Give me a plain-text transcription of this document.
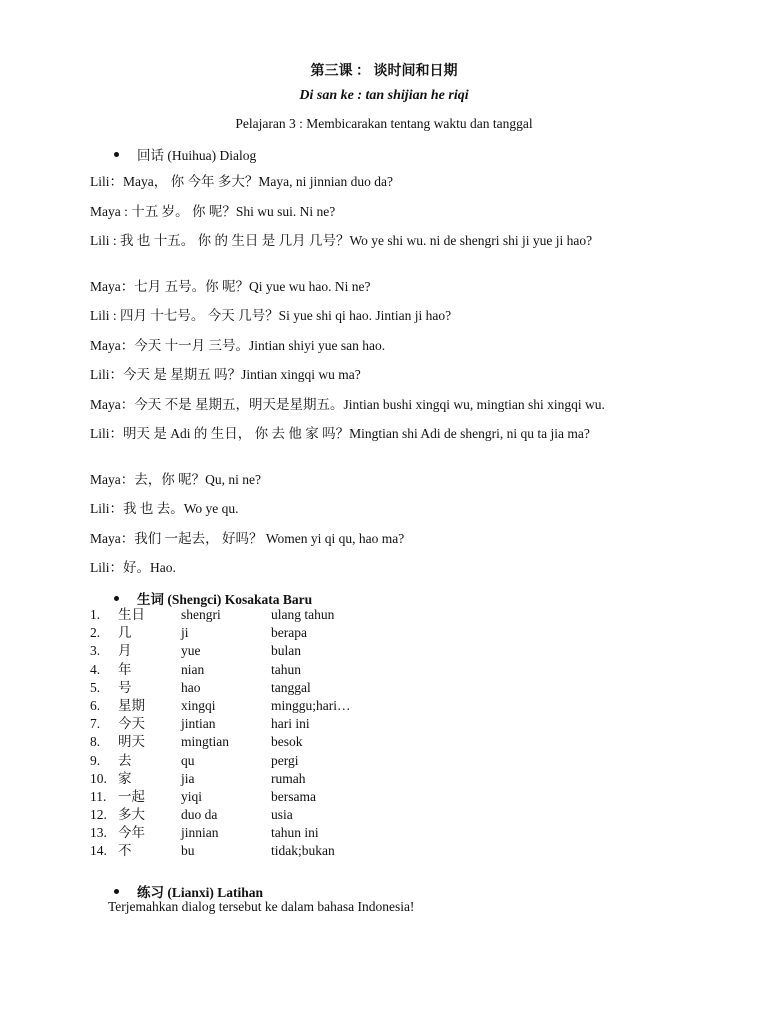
第三课 ： 谈时间和日期
Di san ke : tan shijian he riqi
Pelajaran 3 : Membicarakan tentang waktu dan tanggal
回话 (Huihua) Dialog
Lili：Maya， 你 今年 多大？Maya, ni jinnian duo da?
Maya : 十五 岁。 你 呢？Shi wu sui. Ni ne?
Lili : 我 也 十五。 你 的 生日 是 几月 几号？Wo ye shi wu. ni de shengri shi ji yue ji hao?
Maya：七月 五号。你 呢？Qi yue wu hao. Ni ne?
Lili : 四月 十七号。 今天 几号？Si yue shi qi hao. Jintian ji hao?
Maya：今天 十一月 三号。Jintian shiyi yue san hao.
Lili：今天 是 星期五 吗？Jintian xingqi wu ma?
Maya：今天 不是 星期五，明天是星期五。Jintian bushi xingqi wu, mingtian shi xingqi wu.
Lili：明天 是 Adi 的 生日， 你 去 他 家 吗？Mingtian shi Adi de shengri, ni qu ta jia ma?
Maya：去，你 呢？Qu, ni ne?
Lili：我 也 去。Wo ye qu.
Maya：我们 一起去， 好吗？ Women yi qi qu, hao ma?
Lili：好。Hao.
生词 (Shengci) Kosakata Baru
1.	生日	shengri	ulang tahun
2.	几	ji	berapa
3.	月	yue	bulan
4.	年	nian	tahun
5.	号	hao	tanggal
6.	星期	xingqi	minggu;hari…
7.	今天	jintian	hari ini
8.	明天	mingtian	besok
9.	去	qu	pergi
10. 家	jia	rumah
11. 一起	yiqi	bersama
12. 多大	duo da	usia
13. 今年	jinnian	tahun ini
14. 不	bu	tidak;bukan
练习 (Lianxi) Latihan
Terjemahkan dialog tersebut ke dalam bahasa Indonesia!
